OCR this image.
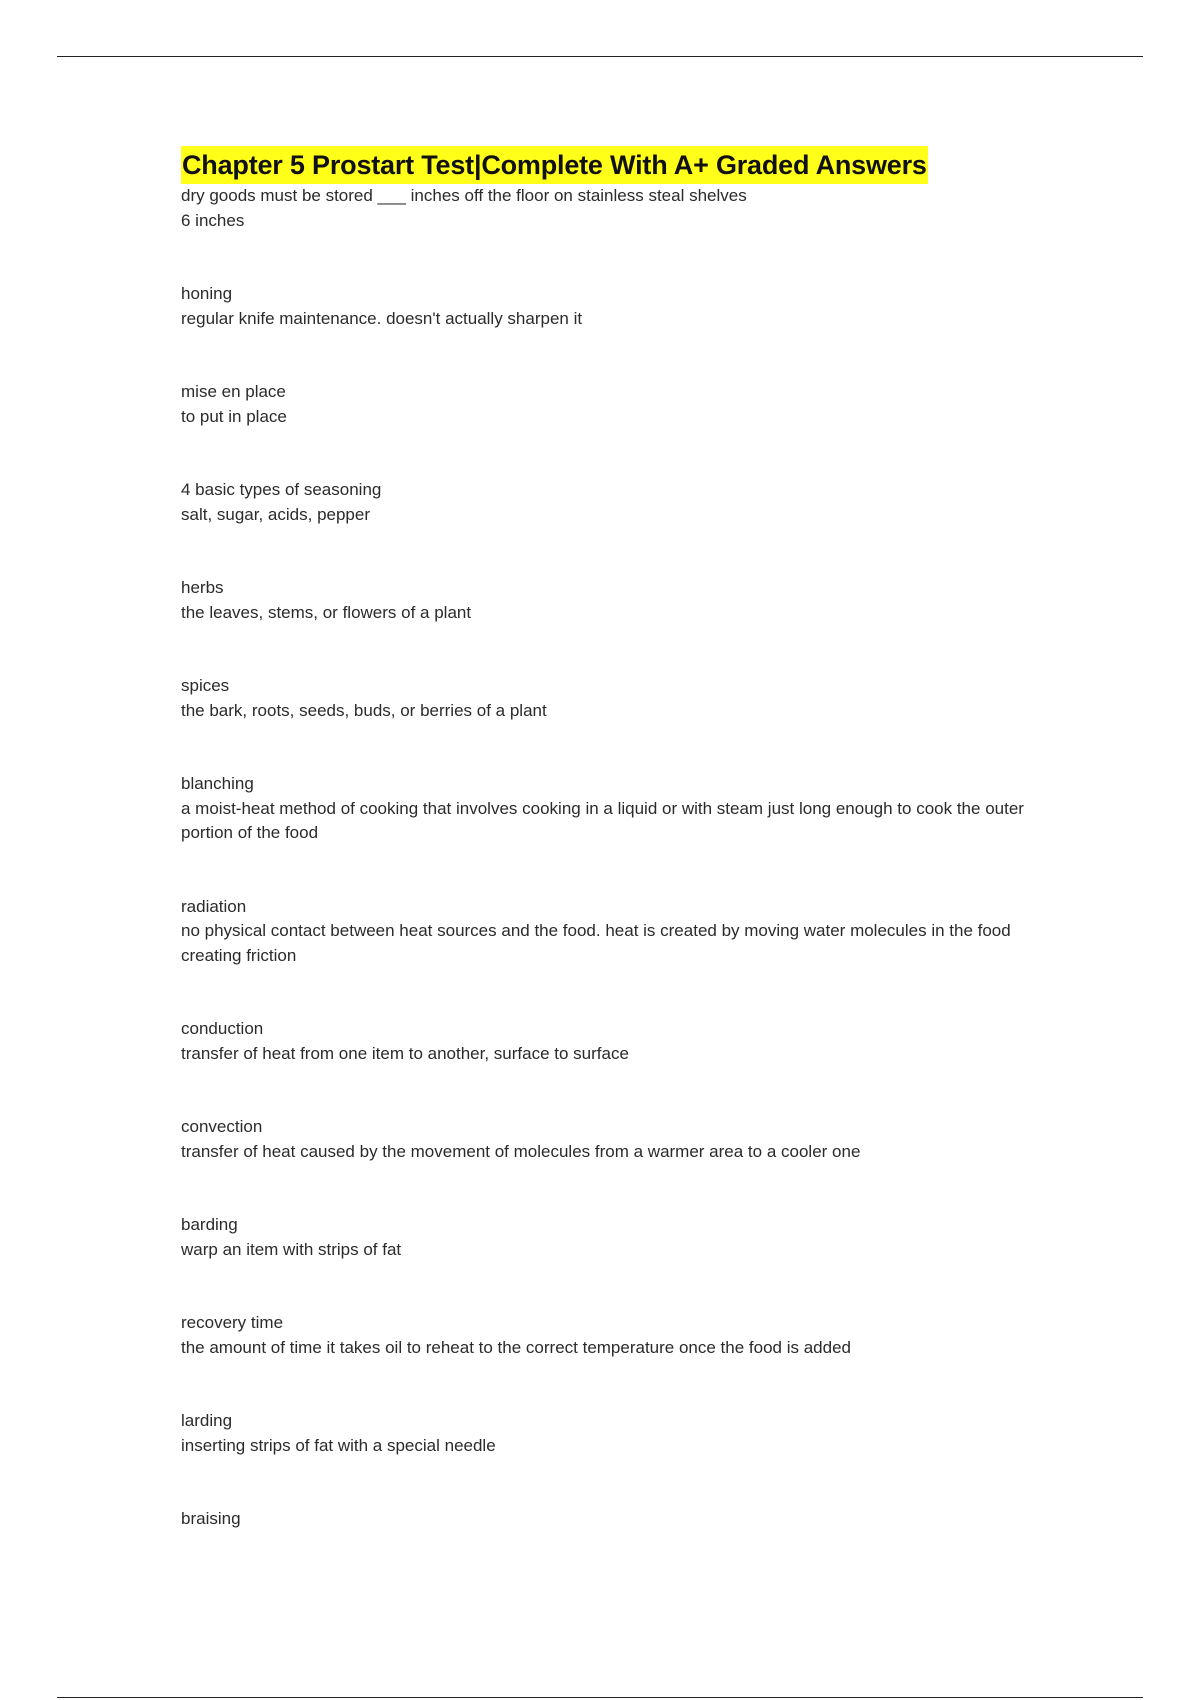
Chapter 5 Prostart Test|Complete With A+ Graded Answers
dry goods must be stored ___ inches off the floor on stainless steal shelves
6 inches
honing
regular knife maintenance. doesn't actually sharpen it
mise en place
to put in place
4 basic types of seasoning
salt, sugar, acids, pepper
herbs
the leaves, stems, or flowers of a plant
spices
the bark, roots, seeds, buds, or berries of a plant
blanching
a moist-heat method of cooking that involves cooking in a liquid or with steam just long enough to cook the outer portion of the food
radiation
no physical contact between heat sources and the food. heat is created by moving water molecules in the food creating friction
conduction
transfer of heat from one item to another, surface to surface
convection
transfer of heat caused by the movement of molecules from a warmer area to a cooler one
barding
warp an item with strips of fat
recovery time
the amount of time it takes oil to reheat to the correct temperature once the food is added
larding
inserting strips of fat with a special needle
braising
